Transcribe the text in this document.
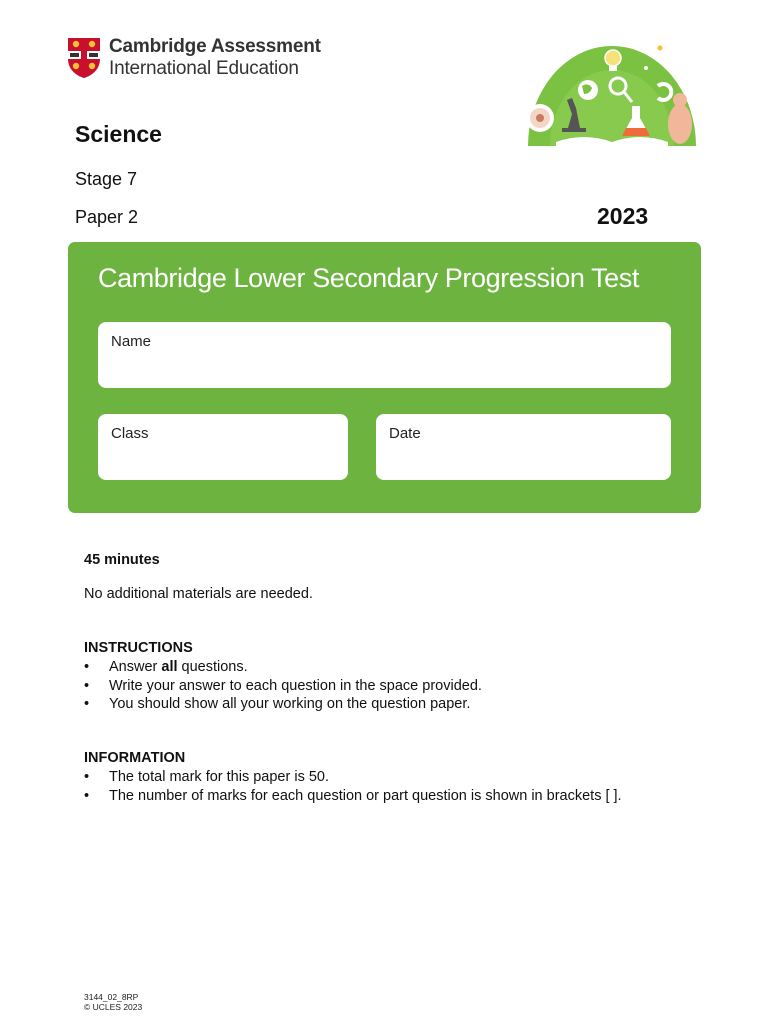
Cambridge Assessment
International Education
Science
Stage 7
Paper 2	2023
Cambridge Lower Secondary Progression Test
Name
Class	Date
45 minutes
No additional materials are needed.
INSTRUCTIONS
• Answer all questions.
• Write your answer to each question in the space provided.
• You should show all your working on the question paper.
INFORMATION
• The total mark for this paper is 50.
• The number of marks for each question or part question is shown in brackets [ ].
3144_02_8RP
© UCLES 2023
